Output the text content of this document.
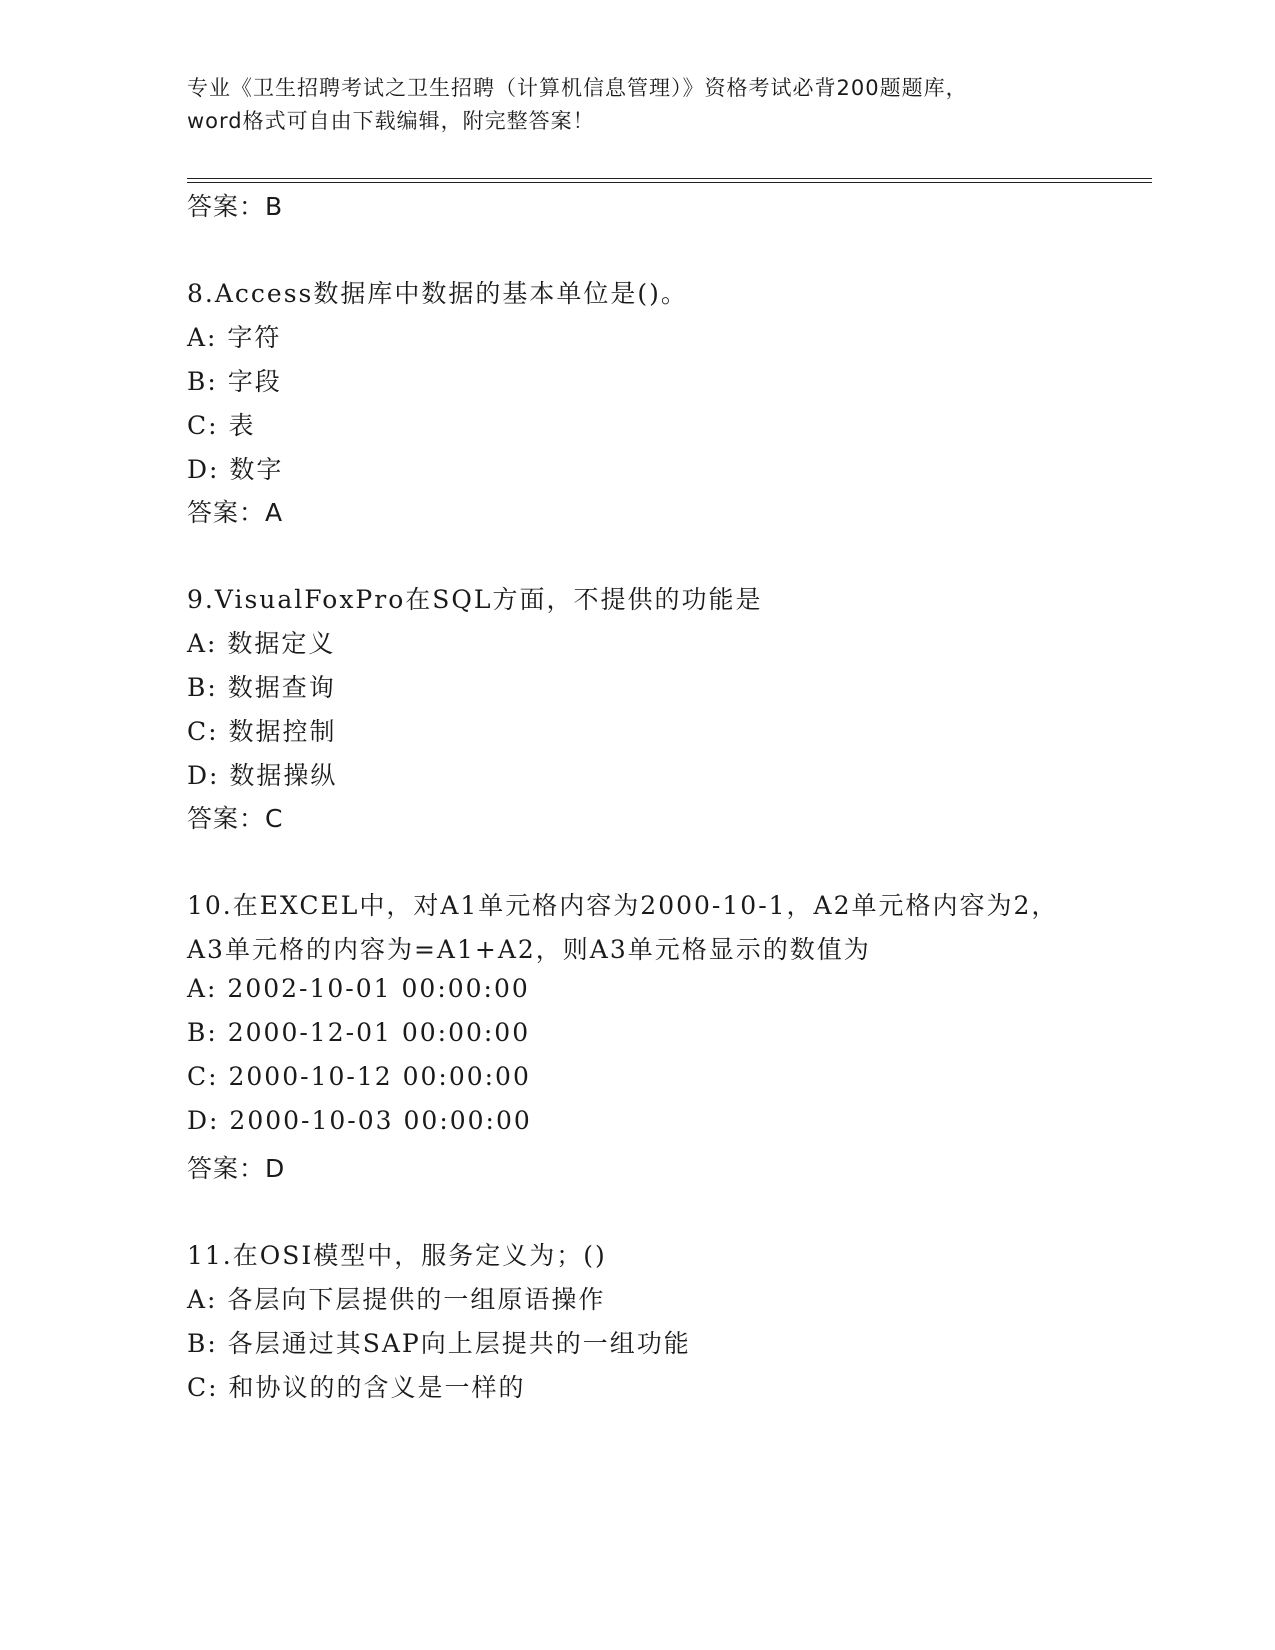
专业《卫生招聘考试之卫生招聘（计算机信息管理）》资格考试必背200题题库，
word格式可自由下载编辑，附完整答案！
答案：B
8.Access数据库中数据的基本单位是()。
A: 字符
B: 字段
C: 表
D: 数字
答案：A
9.VisualFoxPro在SQL方面，不提供的功能是
A: 数据定义
B: 数据查询
C: 数据控制
D: 数据操纵
答案：C
10.在EXCEL中，对A1单元格内容为2000-10-1，A2单元格内容为2，
A3单元格的内容为=A1+A2，则A3单元格显示的数值为
A: 2002-10-01 00:00:00
B: 2000-12-01 00:00:00
C: 2000-10-12 00:00:00
D: 2000-10-03 00:00:00
答案：D
11.在OSI模型中，服务定义为；()
A: 各层向下层提供的一组原语操作
B: 各层通过其SAP向上层提共的一组功能
C: 和协议的的含义是一样的
